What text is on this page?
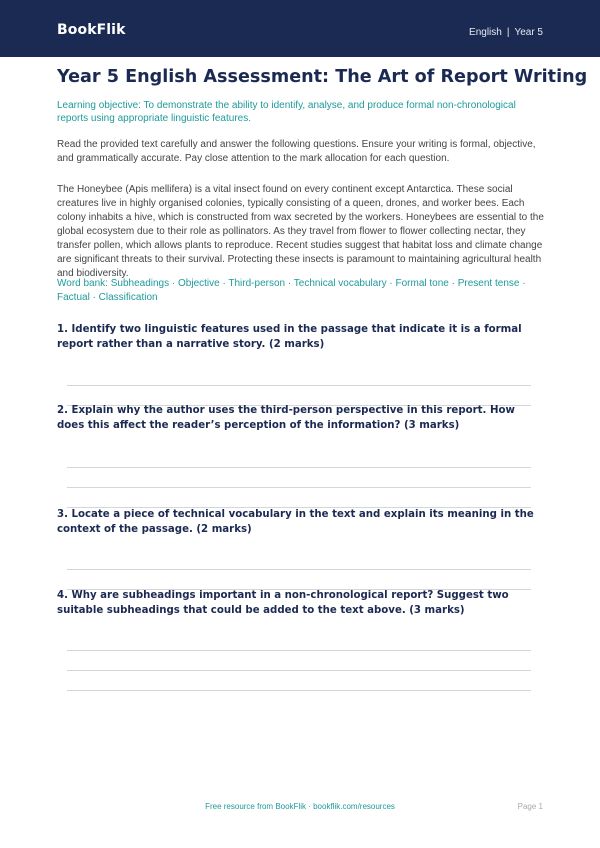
BookFlik	English | Year 5
Year 5 English Assessment: The Art of Report Writing

Learning objective: To demonstrate the ability to identify, analyse, and produce formal non-chronological reports using appropriate linguistic features.

Read the provided text carefully and answer the following questions. Ensure your writing is formal, objective, and grammatically accurate. Pay close attention to the mark allocation for each question.

The Honeybee (Apis mellifera) is a vital insect found on every continent except Antarctica. These social creatures live in highly organised colonies, typically consisting of a queen, drones, and worker bees. Each colony inhabits a hive, which is constructed from wax secreted by the workers. Honeybees are essential to the global ecosystem due to their role as pollinators. As they travel from flower to flower collecting nectar, they transfer pollen, which allows plants to reproduce. Recent studies suggest that habitat loss and climate change are significant threats to their survival. Protecting these insects is paramount to maintaining agricultural health and biodiversity.

Word bank: Subheadings · Objective · Third-person · Technical vocabulary · Formal tone · Present tense · Factual · Classification

1. Identify two linguistic features used in the passage that indicate it is a formal report rather than a narrative story. (2 marks)

2. Explain why the author uses the third-person perspective in this report. How does this affect the reader’s perception of the information? (3 marks)

3. Locate a piece of technical vocabulary in the text and explain its meaning in the context of the passage. (2 marks)

4. Why are subheadings important in a non-chronological report? Suggest two suitable subheadings that could be added to the text above. (3 marks)

Free resource from BookFlik · bookflik.com/resources	Page 1
